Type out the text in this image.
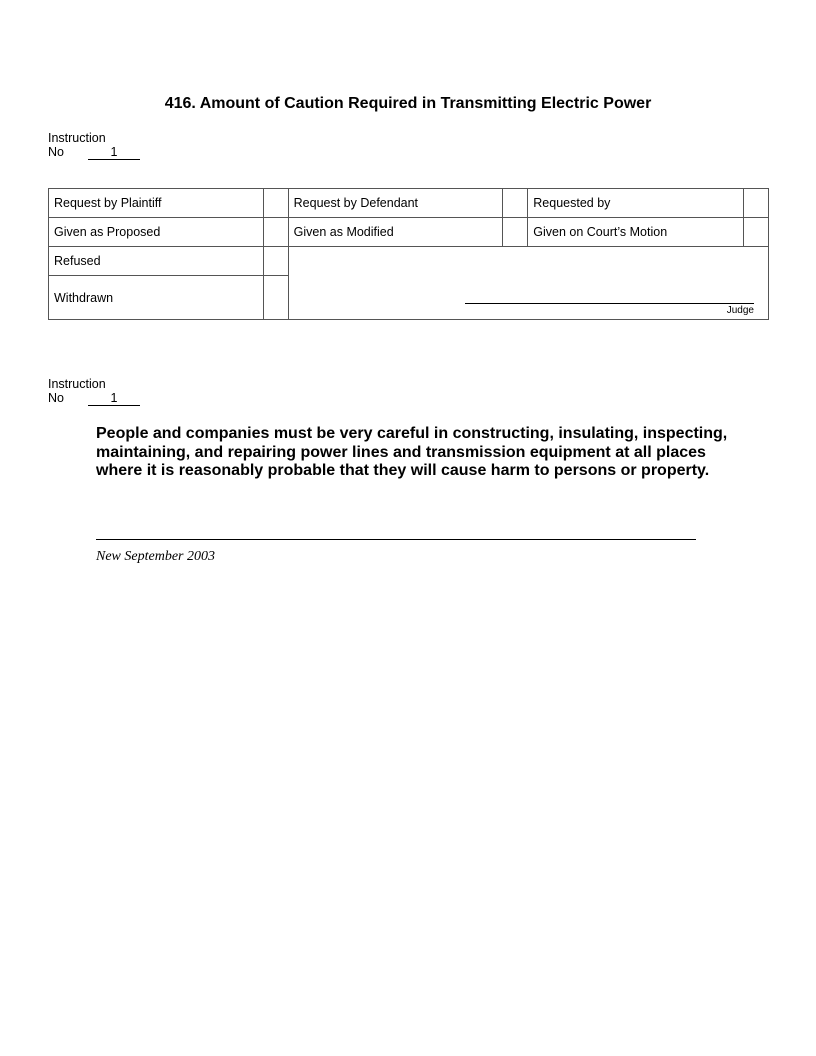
416. Amount of Caution Required in Transmitting Electric Power
Instruction
No	1
Request by Plaintiff		Request by Defendant		Requested by	
Given as Proposed		Given as Modified		Given on Court’s Motion	
Refused		Judge			

Withdrawn					
Instruction
No	1
People and companies must be very careful in constructing, insulating, inspecting, maintaining, and repairing power lines and transmission equipment at all places where it is reasonably probable that they will cause harm to persons or property.
New September 2003
